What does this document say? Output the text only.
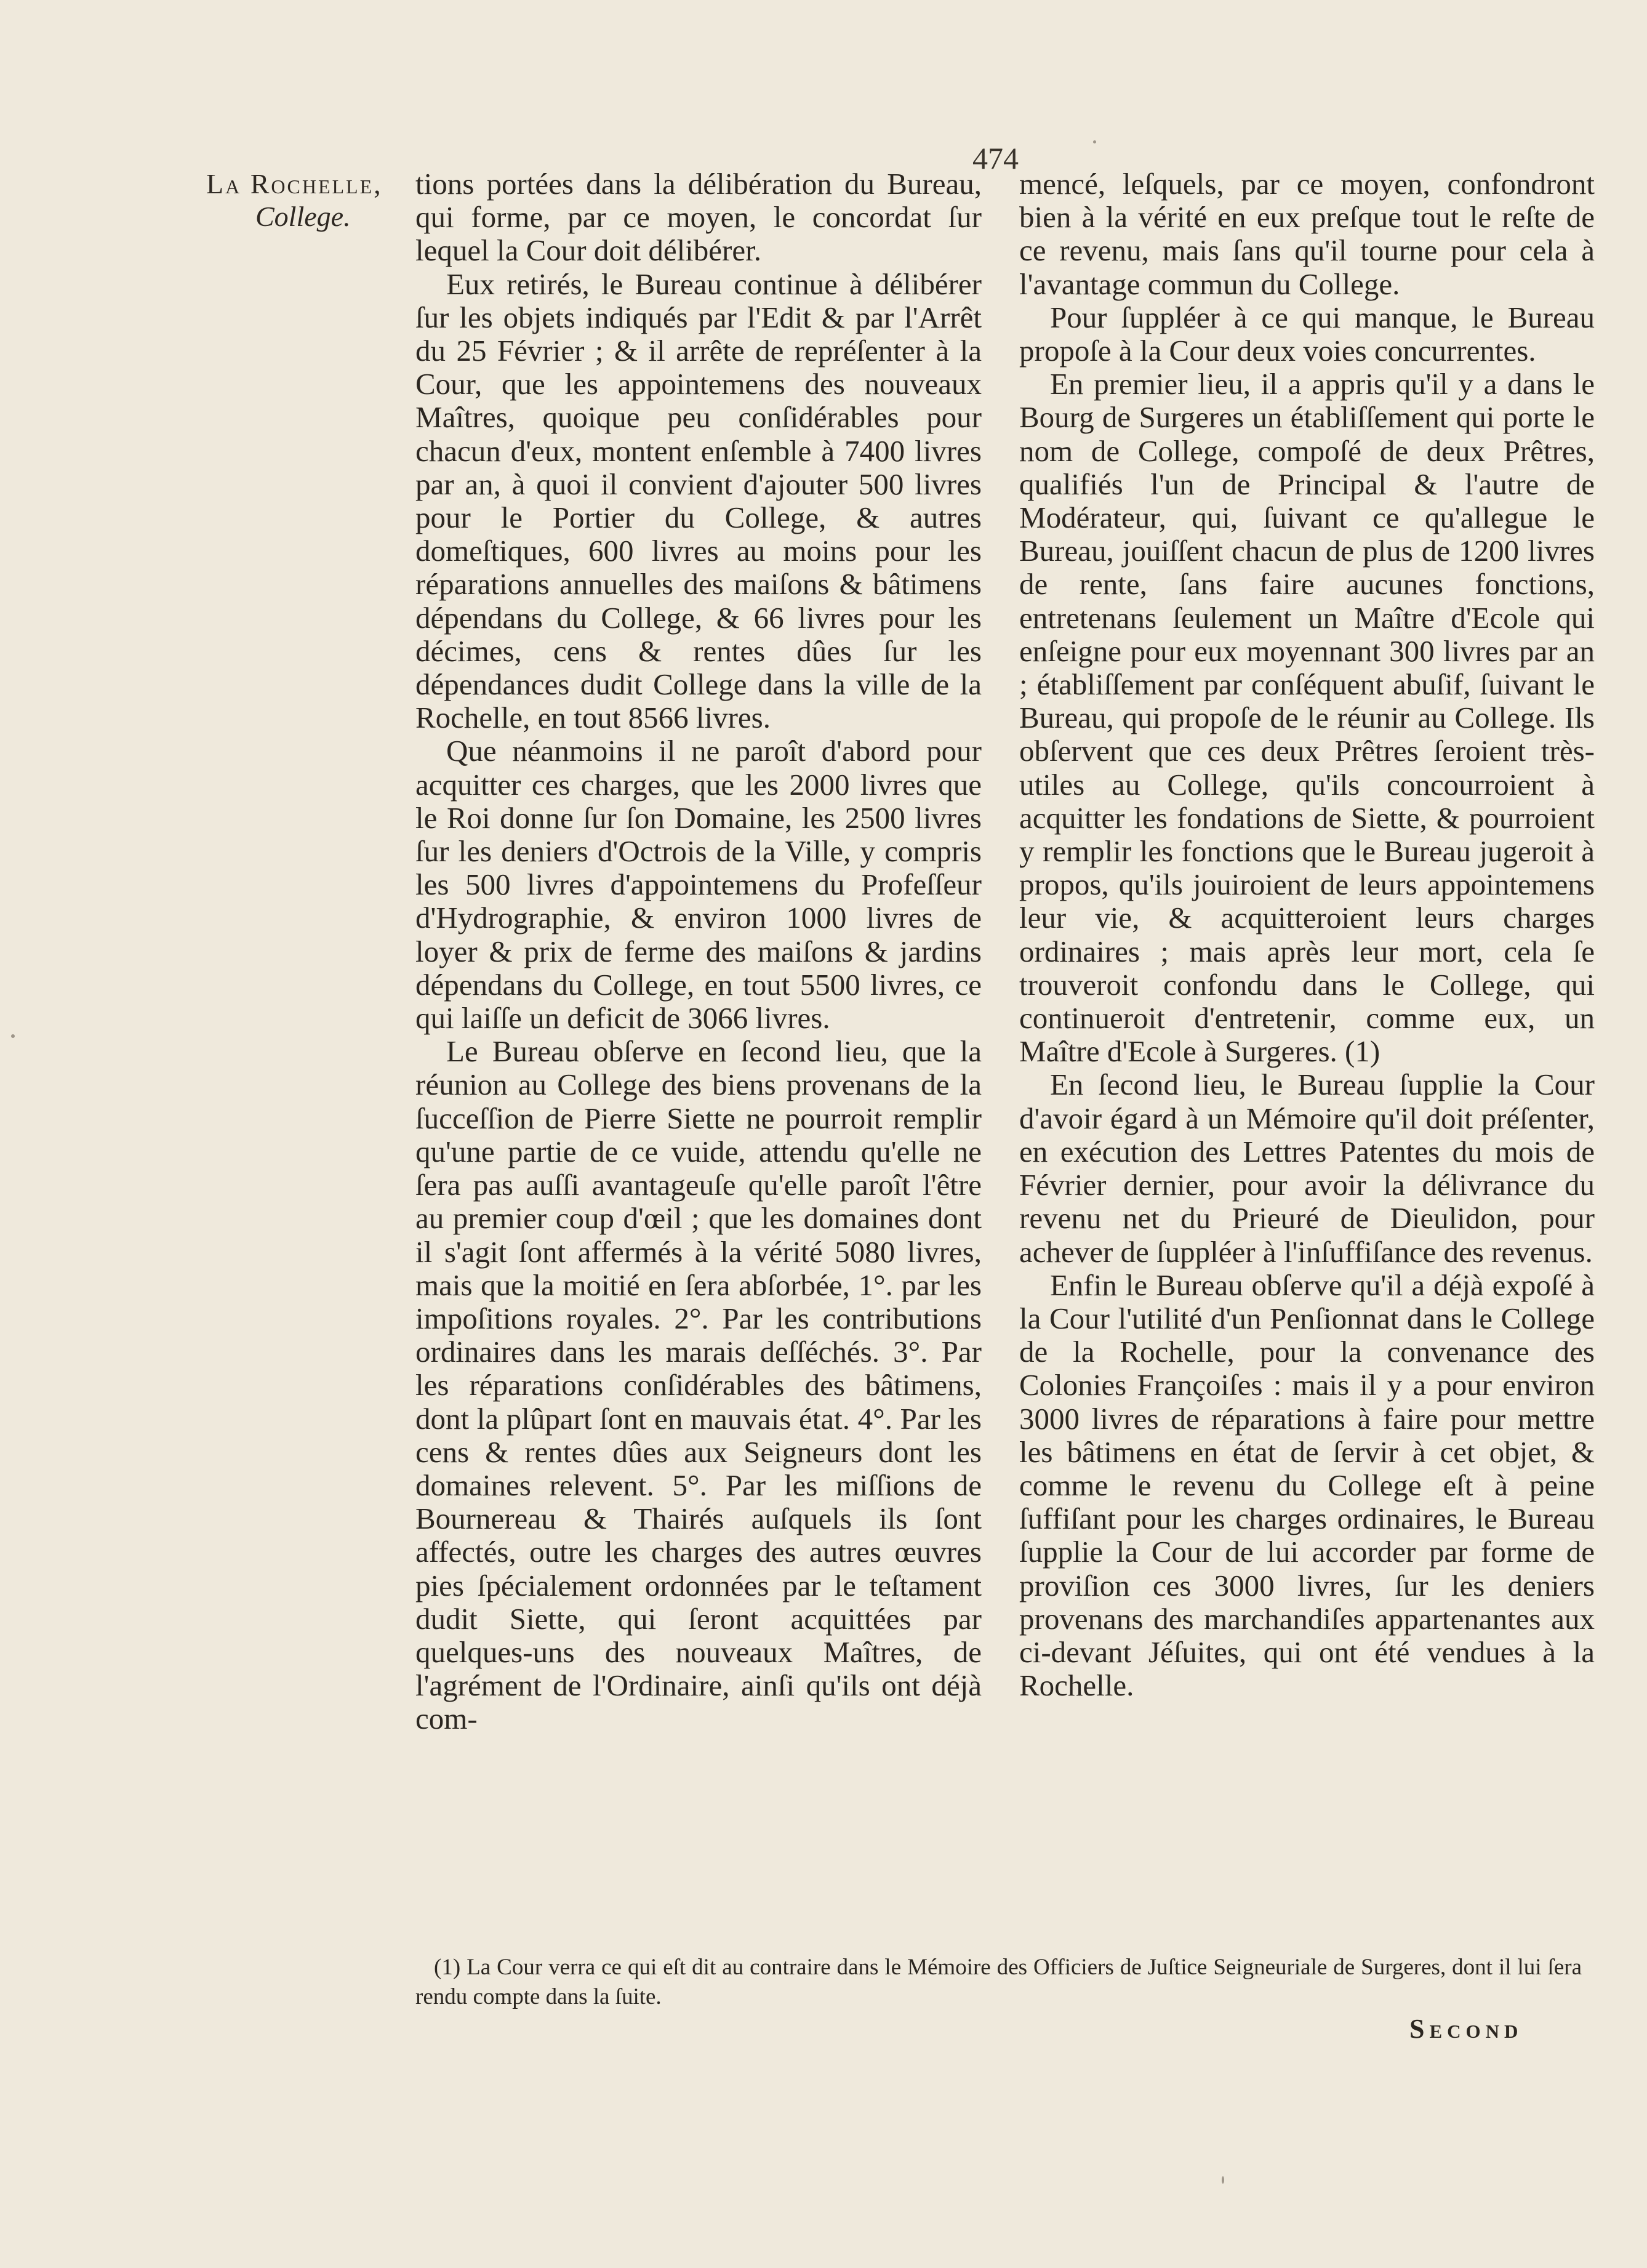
474
La Rochelle,
College.

tions portées dans la délibération du Bureau, qui forme, par ce moyen, le concordat ſur lequel la Cour doit délibérer.

Eux retirés, le Bureau continue à délibérer ſur les objets indiqués par l'Edit & par l'Arrêt du 25 Février ; & il arrête de repréſenter à la Cour, que les appointemens des nouveaux Maîtres, quoique peu conſidérables pour chacun d'eux, montent enſemble à 7400 livres par an, à quoi il convient d'ajouter 500 livres pour le Portier du College, & autres domeſtiques, 600 livres au moins pour les réparations annuelles des maiſons & bâtimens dépendans du College, & 66 livres pour les décimes, cens & rentes dûes ſur les dépendances dudit College dans la ville de la Rochelle, en tout 8566 livres.

Que néanmoins il ne paroît d'abord pour acquitter ces charges, que les 2000 livres que le Roi donne ſur ſon Domaine, les 2500 livres ſur les deniers d'Octrois de la Ville, y compris les 500 livres d'appointemens du Profeſſeur d'Hydrographie, & environ 1000 livres de loyer & prix de ferme des maiſons & jardins dépendans du College, en tout 5500 livres, ce qui laiſſe un deficit de 3066 livres.

Le Bureau obſerve en ſecond lieu, que la réunion au College des biens provenans de la ſucceſſion de Pierre Siette ne pourroit remplir qu'une partie de ce vuide, attendu qu'elle ne ſera pas auſſi avantageuſe qu'elle paroît l'être au premier coup d'œil ; que les domaines dont il s'agit ſont affermés à la vérité 5080 livres, mais que la moitié en ſera abſorbée, 1°. par les impoſitions royales. 2°. Par les contributions ordinaires dans les marais deſſéchés. 3°. Par les réparations conſidérables des bâtimens, dont la plûpart ſont en mauvais état. 4°. Par les cens & rentes dûes aux Seigneurs dont les domaines relevent. 5°. Par les miſſions de Bournereau & Thairés auſquels ils ſont affectés, outre les charges des autres œuvres pies ſpécialement ordonnées par le teſtament dudit Siette, qui ſeront acquittées par quelques-uns des nouveaux Maîtres, de l'agrément de l'Ordinaire, ainſi qu'ils ont déjà com-

mencé, leſquels, par ce moyen, confondront bien à la vérité en eux preſque tout le reſte de ce revenu, mais ſans qu'il tourne pour cela à l'avantage commun du College.

Pour ſuppléer à ce qui manque, le Bureau propoſe à la Cour deux voies concurrentes.

En premier lieu, il a appris qu'il y a dans le Bourg de Surgeres un établiſſement qui porte le nom de College, compoſé de deux Prêtres, qualifiés l'un de Principal & l'autre de Modérateur, qui, ſuivant ce qu'allegue le Bureau, jouiſſent chacun de plus de 1200 livres de rente, ſans faire aucunes fonctions, entretenans ſeulement un Maître d'Ecole qui enſeigne pour eux moyennant 300 livres par an ; établiſſement par conſéquent abuſif, ſuivant le Bureau, qui propoſe de le réunir au College. Ils obſervent que ces deux Prêtres ſeroient très-utiles au College, qu'ils concourroient à acquitter les fondations de Siette, & pourroient y remplir les fonctions que le Bureau jugeroit à propos, qu'ils jouiroient de leurs appointemens leur vie, & acquitteroient leurs charges ordinaires ; mais après leur mort, cela ſe trouveroit confondu dans le College, qui continueroit d'entretenir, comme eux, un Maître d'Ecole à Surgeres. (1)

En ſecond lieu, le Bureau ſupplie la Cour d'avoir égard à un Mémoire qu'il doit préſenter, en exécution des Lettres Patentes du mois de Février dernier, pour avoir la délivrance du revenu net du Prieuré de Dieulidon, pour achever de ſuppléer à l'inſuffiſance des revenus.

Enfin le Bureau obſerve qu'il a déjà expoſé à la Cour l'utilité d'un Penſionnat dans le College de la Rochelle, pour la convenance des Colonies Françoiſes : mais il y a pour environ 3000 livres de réparations à faire pour mettre les bâtimens en état de ſervir à cet objet, & comme le revenu du College eſt à peine ſuffiſant pour les charges ordinaires, le Bureau ſupplie la Cour de lui accorder par forme de proviſion ces 3000 livres, ſur les deniers provenans des marchandiſes appartenantes aux ci-devant Jéſuites, qui ont été vendues à la Rochelle.

(1) La Cour verra ce qui eſt dit au contraire dans le Mémoire des Officiers de Juſtice Seigneuriale de Surgeres, dont il lui ſera rendu compte dans la ſuite.
Second
